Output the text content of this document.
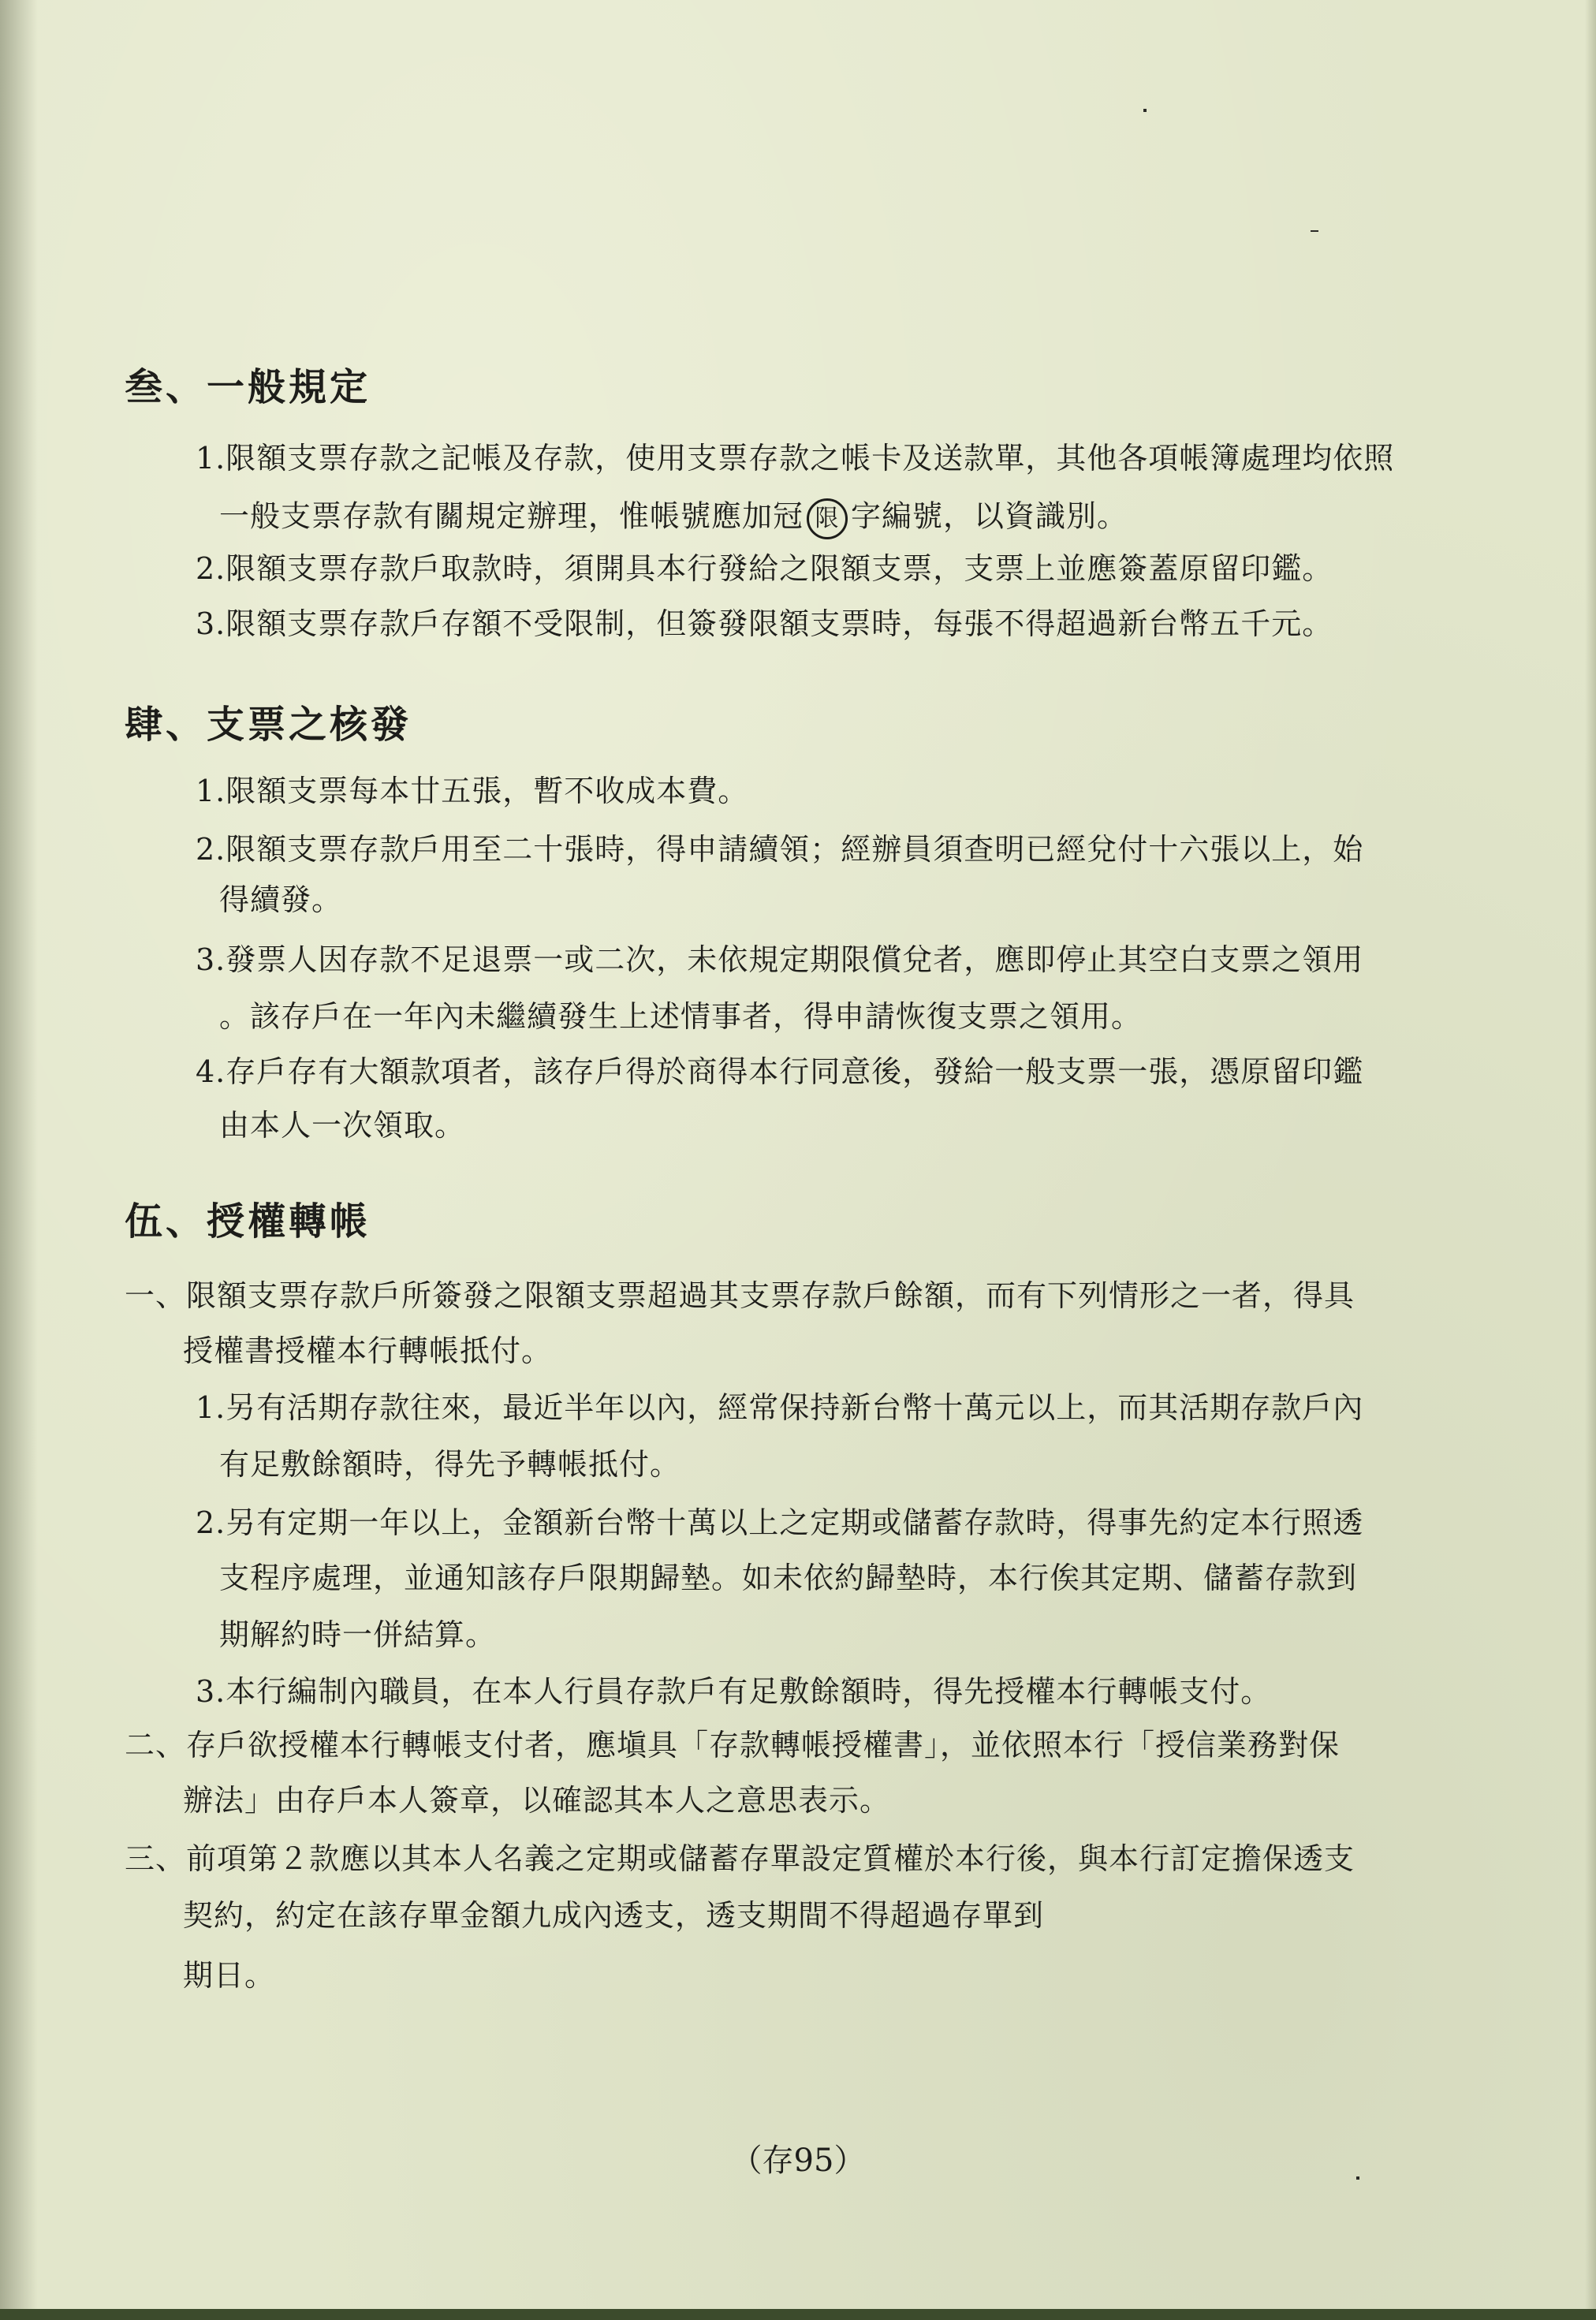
叁、一般規定
1.限額支票存款之記帳及存款，使用支票存款之帳卡及送款單，其他各項帳簿處理均依照
一般支票存款有關規定辦理，惟帳號應加冠 限 字編號，以資識別。
2.限額支票存款戶取款時，須開具本行發給之限額支票，支票上並應簽蓋原留印鑑。
3.限額支票存款戶存額不受限制，但簽發限額支票時，每張不得超過新台幣五千元。
肆、支票之核發
1.限額支票每本廿五張，暫不收成本費。
2.限額支票存款戶用至二十張時，得申請續領；經辦員須查明已經兌付十六張以上，始
得續發。
3.發票人因存款不足退票一或二次，未依規定期限償兌者，應即停止其空白支票之領用
。該存戶在一年內未繼續發生上述情事者，得申請恢復支票之領用。
4.存戶存有大額款項者，該存戶得於商得本行同意後，發給一般支票一張，憑原留印鑑
由本人一次領取。
伍、授權轉帳
一、限額支票存款戶所簽發之限額支票超過其支票存款戶餘額，而有下列情形之一者，得具
授權書授權本行轉帳抵付。
1.另有活期存款往來，最近半年以內，經常保持新台幣十萬元以上，而其活期存款戶內
有足敷餘額時，得先予轉帳抵付。
2.另有定期一年以上，金額新台幣十萬以上之定期或儲蓄存款時，得事先約定本行照透
支程序處理，並通知該存戶限期歸墊。如未依約歸墊時，本行俟其定期、儲蓄存款到
期解約時一併結算。
3.本行編制內職員，在本人行員存款戶有足敷餘額時，得先授權本行轉帳支付。
二、存戶欲授權本行轉帳支付者，應塡具「存款轉帳授權書」，並依照本行「授信業務對保
辦法」由存戶本人簽章，以確認其本人之意思表示。
三、前項第２款應以其本人名義之定期或儲蓄存單設定質權於本行後，與本行訂定擔保透支
契約，約定在該存單金額九成內透支，透支期間不得超過存單到
期日。
（存95）
